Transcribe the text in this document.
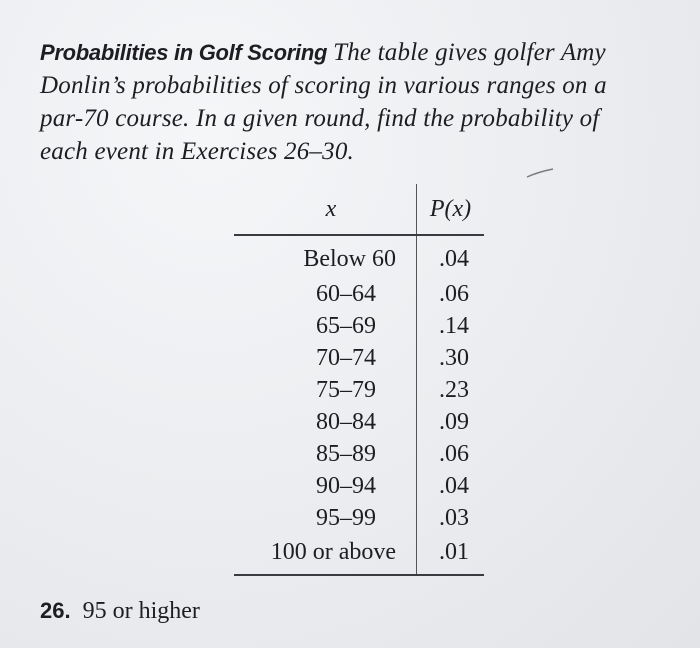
Probabilities in Golf Scoring The table gives golfer Amy
Donlin’s probabilities of scoring in various ranges on a
par-70 course. In a given round, find the probability of
each event in Exercises 26–30.
x	P(x)
Below 60	.04
60–64	.06
65–69	.14
70–74	.30
75–79	.23
80–84	.09
85–89	.06
90–94	.04
95–99	.03
100 or above	.01
26. 95 or higher
